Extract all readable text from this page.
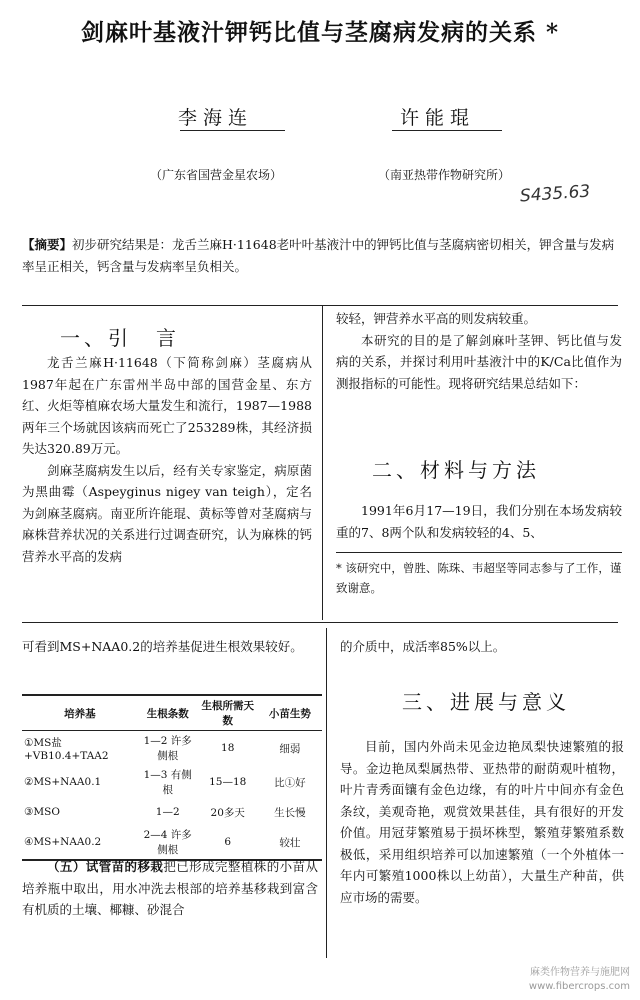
剑麻叶基液汁钾钙比值与茎腐病发病的关系 *
李海连	许能琨
（广东省国营金星农场）	（南亚热带作物研究所）
S435.63
【摘要】初步研究结果是：龙舌兰麻H·11648老叶叶基液汁中的钾钙比值与茎腐病密切相关，钾含量与发病率呈正相关，钙含量与发病率呈负相关。
一、引　言

龙舌兰麻H·11648（下简称剑麻）茎腐病从1987年起在广东雷州半岛中部的国营金星、东方红、火炬等植麻农场大量发生和流行，1987—1988两年三个场就因该病而死亡了253289株，其经济损失达320.89万元。

剑麻茎腐病发生以后，经有关专家鉴定，病原菌为黑曲霉（Aspeyginus nigey van teigh），定名为剑麻茎腐病。南亚所许能琨、黄标等曾对茎腐病与麻株营养状况的关系进行过调查研究，认为麻株的钙营养水平高的发病

较轻，钾营养水平高的则发病较重。

本研究的目的是了解剑麻叶茎钾、钙比值与发病的关系，并探讨利用叶基液汁中的K/Ca比值作为测报指标的可能性。现将研究结果总结如下：

二、材料与方法

1991年6月17—19日，我们分别在本场发病较重的7、8两个队和发病较轻的4、5、

* 该研究中，曾胜、陈珠、韦超坚等同志参与了工作，谨致谢意。

可看到MS+NAA0.2的培养基促进生根效果较好。

培养基	生根条数	生根所需天数	小苗生势
①MS盐+VB10.4+TAA2	1—2 许多侧根	18	细弱
②MS+NAA0.1	1—3 有侧根	15—18	比①好
③MSO	1—2	20多天	生长慢
④MS+NAA0.2	2—4 许多侧根	6	较壮

（五）试管苗的移栽把已形成完整植株的小苗从培养瓶中取出，用水冲洗去根部的培养基移栽到富含有机质的土壤、椰糠、砂混合

的介质中，成活率85%以上。

三、进展与意义

目前，国内外尚未见金边艳凤梨快速繁殖的报导。金边艳凤梨属热带、亚热带的耐荫观叶植物，叶片青秀面镶有金色边缘，有的叶片中间亦有金色条纹，美观奇艳，观赏效果甚佳，具有很好的开发价值。用冠芽繁殖易于损坏株型，繁殖芽繁殖系数极低，采用组织培养可以加速繁殖（一个外植体一年内可繁殖1000株以上幼苗），大量生产种苗，供应市场的需要。

麻类作物营养与施肥网
www.fibercrops.com
